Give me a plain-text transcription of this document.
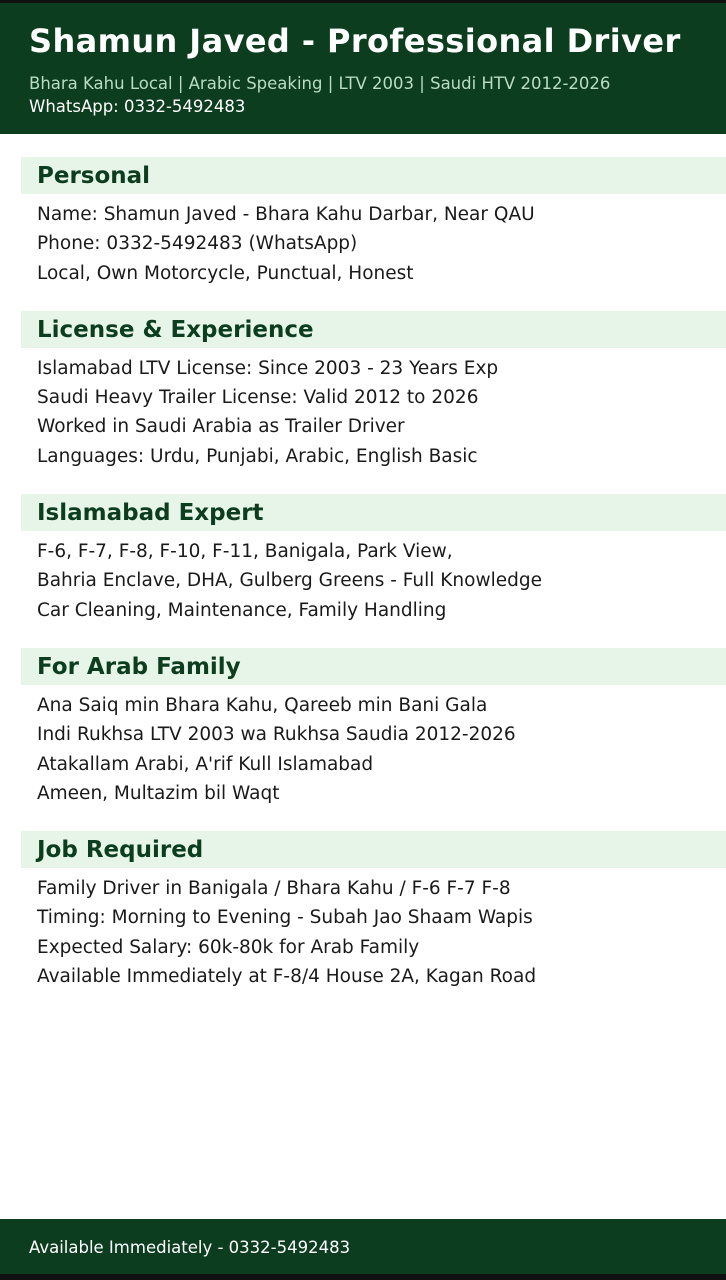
Shamun Javed - Professional Driver
Bhara Kahu Local | Arabic Speaking | LTV 2003 | Saudi HTV 2012-2026
WhatsApp: 0332-5492483
Personal
Name: Shamun Javed - Bhara Kahu Darbar, Near QAU
Phone: 0332-5492483 (WhatsApp)
Local, Own Motorcycle, Punctual, Honest
License & Experience
Islamabad LTV License: Since 2003 - 23 Years Exp
Saudi Heavy Trailer License: Valid 2012 to 2026
Worked in Saudi Arabia as Trailer Driver
Languages: Urdu, Punjabi, Arabic, English Basic
Islamabad Expert
F-6, F-7, F-8, F-10, F-11, Banigala, Park View,
Bahria Enclave, DHA, Gulberg Greens - Full Knowledge
Car Cleaning, Maintenance, Family Handling
For Arab Family
Ana Saiq min Bhara Kahu, Qareeb min Bani Gala
Indi Rukhsa LTV 2003 wa Rukhsa Saudia 2012-2026
Atakallam Arabi, A'rif Kull Islamabad
Ameen, Multazim bil Waqt
Job Required
Family Driver in Banigala / Bhara Kahu / F-6 F-7 F-8
Timing: Morning to Evening - Subah Jao Shaam Wapis
Expected Salary: 60k-80k for Arab Family
Available Immediately at F-8/4 House 2A, Kagan Road
Available Immediately - 0332-5492483
